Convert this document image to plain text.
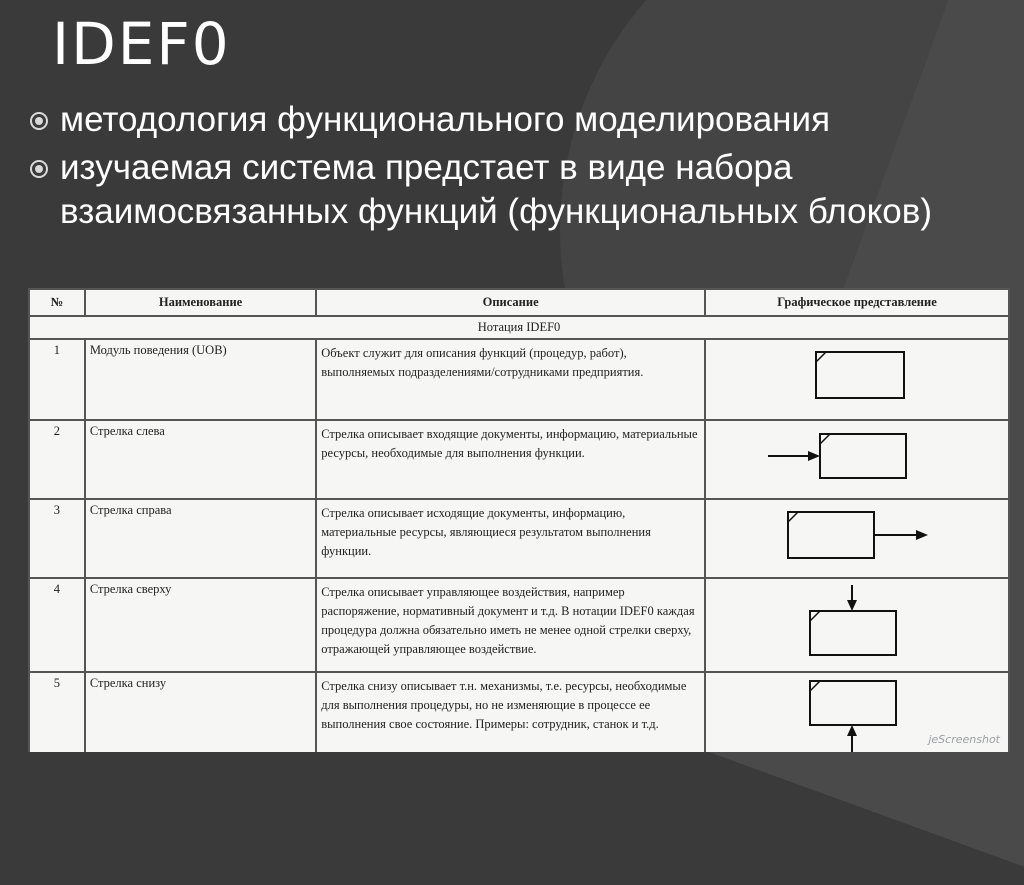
IDEF0
методология функционального моделирования
изучаемая система предстает в виде набора взаимосвязанных функций (функциональных блоков)
№	Наименование	Описание	Графическое представление
Нотация IDEF0			
1	Модуль поведения (UOB)	Объект служит для описания функций (процедур, работ), выполняемых подразделениями/сотрудниками предприятия.	

2	Стрелка слева	Стрелка описывает входящие документы, информацию, материальные ресурсы, необходимые для выполнения функции.	

3	Стрелка справа	Стрелка описывает исходящие документы, информацию, материальные ресурсы, являющиеся результатом выполнения функции.	

4	Стрелка сверху	Стрелка описывает управляющее воздействия, например распоряжение, нормативный документ и т.д. В нотации IDEF0 каждая процедура должна обязательно иметь не менее одной стрелки сверху, отражающей управляющее воздействие.	

5	Стрелка снизу	Стрелка снизу описывает т.н. механизмы, т.е. ресурсы, необходимые для выполнения процедуры, но не изменяющие в процессе ее выполнения свое состояние. Примеры: сотрудник, станок и т.д.	
jeScreenshot
